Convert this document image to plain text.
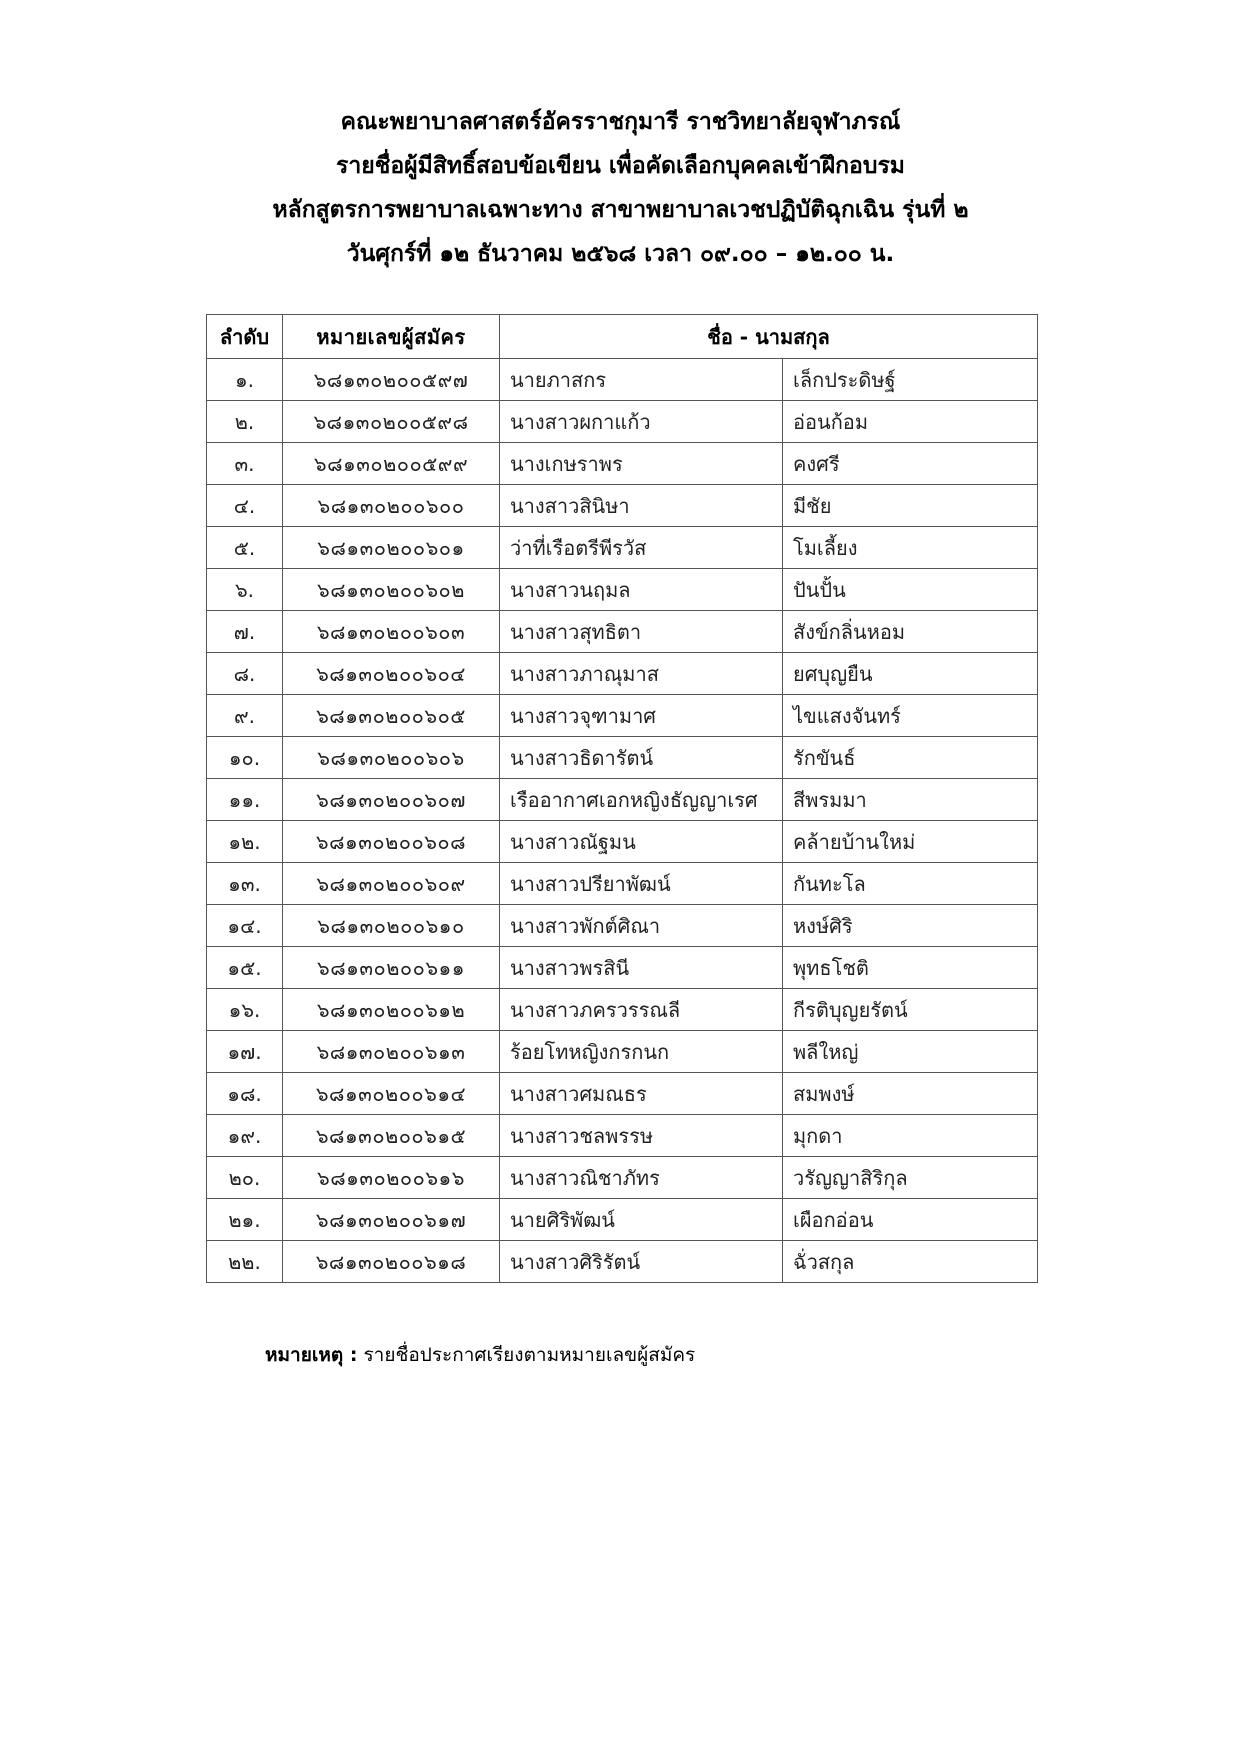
คณะพยาบาลศาสตร์อัครราชกุมารี ราชวิทยาลัยจุฬาภรณ์
รายชื่อผู้มีสิทธิ์สอบข้อเขียน เพื่อคัดเลือกบุคคลเข้าฝึกอบรม
หลักสูตรการพยาบาลเฉพาะทาง สาขาพยาบาลเวชปฏิบัติฉุกเฉิน รุ่นที่ ๒
วันศุกร์ที่ ๑๒ ธันวาคม ๒๕๖๘ เวลา ๐๙.๐๐ – ๑๒.๐๐ น.
ลำดับ	หมายเลขผู้สมัคร	ชื่อ - นามสกุล	
๑.	๖๘๑๓๐๒๐๐๕๙๗	นายภาสกร	เล็กประดิษฐ์
๒.	๖๘๑๓๐๒๐๐๕๙๘	นางสาวผกาแก้ว	อ่อนก้อม
๓.	๖๘๑๓๐๒๐๐๕๙๙	นางเกษราพร	คงศรี
๔.	๖๘๑๓๐๒๐๐๖๐๐	นางสาวสินิษา	มีชัย
๕.	๖๘๑๓๐๒๐๐๖๐๑	ว่าที่เรือตรีพีรวัส	โมเลี้ยง
๖.	๖๘๑๓๐๒๐๐๖๐๒	นางสาวนฤมล	ปันปั้น
๗.	๖๘๑๓๐๒๐๐๖๐๓	นางสาวสุทธิตา	สังข์กลิ่นหอม
๘.	๖๘๑๓๐๒๐๐๖๐๔	นางสาวภาณุมาส	ยศบุญยืน
๙.	๖๘๑๓๐๒๐๐๖๐๕	นางสาวจุฑามาศ	ไขแสงจันทร์
๑๐.	๖๘๑๓๐๒๐๐๖๐๖	นางสาวธิดารัตน์	รักขันธ์
๑๑.	๖๘๑๓๐๒๐๐๖๐๗	เรืออากาศเอกหญิงธัญญาเรศ	สีพรมมา
๑๒.	๖๘๑๓๐๒๐๐๖๐๘	นางสาวณัฐมน	คล้ายบ้านใหม่
๑๓.	๖๘๑๓๐๒๐๐๖๐๙	นางสาวปรียาพัฒน์	กันทะโล
๑๔.	๖๘๑๓๐๒๐๐๖๑๐	นางสาวพักต์ศิณา	หงษ์ศิริ
๑๕.	๖๘๑๓๐๒๐๐๖๑๑	นางสาวพรสินี	พุทธโชติ
๑๖.	๖๘๑๓๐๒๐๐๖๑๒	นางสาวภครวรรณลี	กีรติบุญยรัตน์
๑๗.	๖๘๑๓๐๒๐๐๖๑๓	ร้อยโทหญิงกรกนก	พลีใหญ่
๑๘.	๖๘๑๓๐๒๐๐๖๑๔	นางสาวศมณธร	สมพงษ์
๑๙.	๖๘๑๓๐๒๐๐๖๑๕	นางสาวชลพรรษ	มุกดา
๒๐.	๖๘๑๓๐๒๐๐๖๑๖	นางสาวณิชาภัทร	วรัญญาสิริกุล
๒๑.	๖๘๑๓๐๒๐๐๖๑๗	นายศิริพัฒน์	เผือกอ่อน
๒๒.	๖๘๑๓๐๒๐๐๖๑๘	นางสาวศิริรัตน์	ฉั่วสกุล
หมายเหตุ : รายชื่อประกาศเรียงตามหมายเลขผู้สมัคร
